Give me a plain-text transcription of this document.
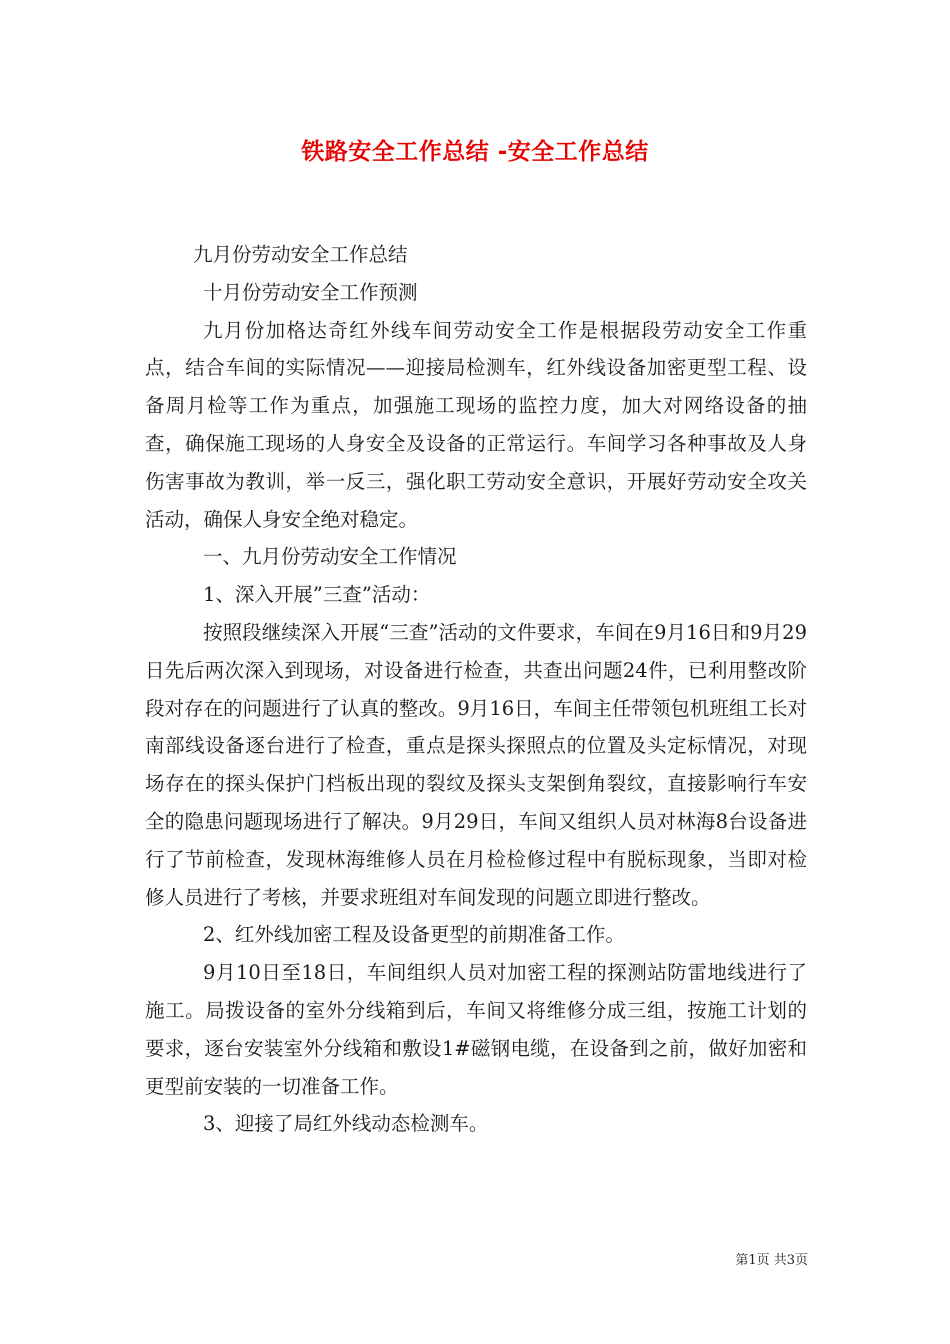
铁路安全工作总结 -安全工作总结

九月份劳动安全工作总结

十月份劳动安全工作预测

九月份加格达奇红外线车间劳动安全工作是根据段劳动安全工作重点，结合车间的实际情况——迎接局检测车，红外线设备加密更型工程、设备周月检等工作为重点，加强施工现场的监控力度，加大对网络设备的抽查，确保施工现场的人身安全及设备的正常运行。车间学习各种事故及人身伤害事故为教训，举一反三，强化职工劳动安全意识，开展好劳动安全攻关活动，确保人身安全绝对稳定。

一、九月份劳动安全工作情况

1、深入开展”三查”活动：

按照段继续深入开展“三查”活动的文件要求，车间在9月16日和9月29日先后两次深入到现场，对设备进行检查，共查出问题24件，已利用整改阶段对存在的问题进行了认真的整改。9月16日，车间主任带领包机班组工长对南部线设备逐台进行了检查，重点是探头探照点的位置及头定标情况，对现场存在的探头保护门档板出现的裂纹及探头支架倒角裂纹，直接影响行车安全的隐患问题现场进行了解决。9月29日，车间又组织人员对林海8台设备进行了节前检查，发现林海维修人员在月检检修过程中有脱标现象，当即对检修人员进行了考核，并要求班组对车间发现的问题立即进行整改。

2、红外线加密工程及设备更型的前期准备工作。

9月10日至18日，车间组织人员对加密工程的探测站防雷地线进行了施工。局拨设备的室外分线箱到后，车间又将维修分成三组，按施工计划的要求，逐台安装室外分线箱和敷设1#磁钢电缆，在设备到之前，做好加密和更型前安装的一切准备工作。

3、迎接了局红外线动态检测车。

第1页 共3页
